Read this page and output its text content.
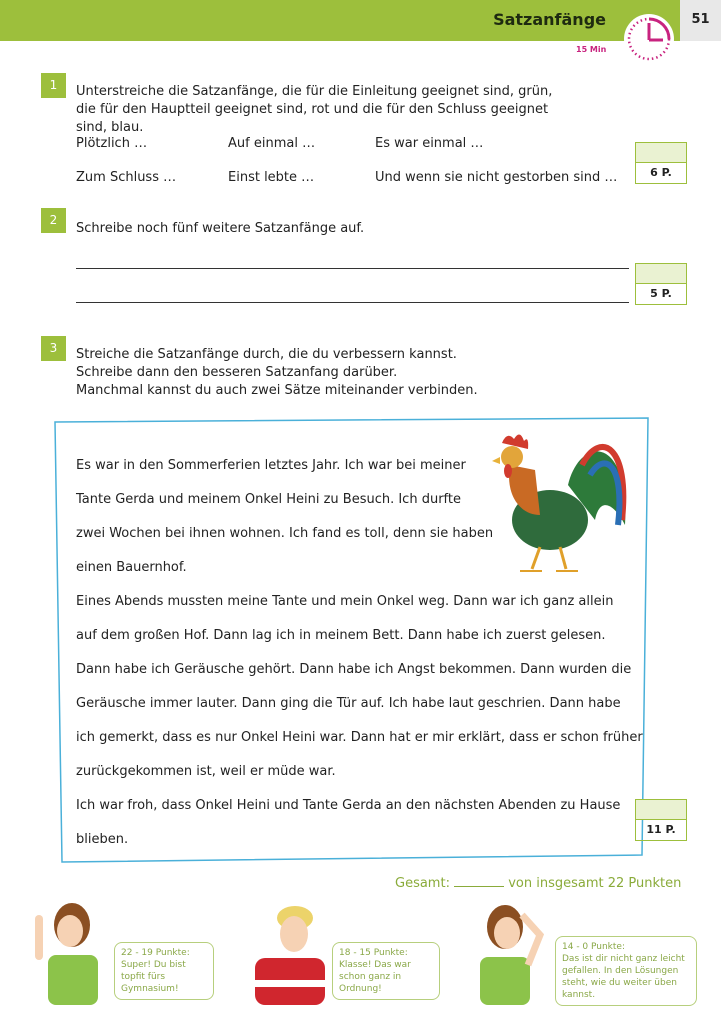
Satzanfänge	51
15 Min
1	Unterstreiche die Satzanfänge, die für die Einleitung geeignet sind, grün, die für den Hauptteil geeignet sind, rot und die für den Schluss geeignet sind, blau.
Plötzlich …	Auf einmal …	Es war einmal …
Zum Schluss …	Einst lebte …	Und wenn sie nicht gestorben sind …	6 P.
2
Schreibe noch fünf weitere Satzanfänge auf.
5 P.
3	Streiche die Satzanfänge durch, die du verbessern kannst.
Schreibe dann den besseren Satzanfang darüber.
Manchmal kannst du auch zwei Sätze miteinander verbinden.
Es war in den Sommerferien letztes Jahr. Ich war bei meiner
Tante Gerda und meinem Onkel Heini zu Besuch. Ich durfte
zwei Wochen bei ihnen wohnen. Ich fand es toll, denn sie haben
einen Bauernhof.
Eines Abends mussten meine Tante und mein Onkel weg. Dann war ich ganz allein
auf dem großen Hof. Dann lag ich in meinem Bett. Dann habe ich zuerst gelesen.
Dann habe ich Geräusche gehört. Dann habe ich Angst bekommen. Dann wurden die
Geräusche immer lauter. Dann ging die Tür auf. Ich habe laut geschrien. Dann habe
ich gemerkt, dass es nur Onkel Heini war. Dann hat er mir erklärt, dass er schon früher
zurückgekommen ist, weil er müde war.
Ich war froh, dass Onkel Heini und Tante Gerda an den nächsten Abenden zu Hause
blieben.
11 P.
Gesamt:	von insgesamt 22 Punkten
22 - 19 Punkte:
Super! Du bist topfit fürs Gymnasium!
18 - 15 Punkte:
Klasse! Das war schon ganz in Ordnung!
14 - 0 Punkte:
Das ist dir nicht ganz leicht gefallen. In den Lösungen steht, wie du weiter üben kannst.
